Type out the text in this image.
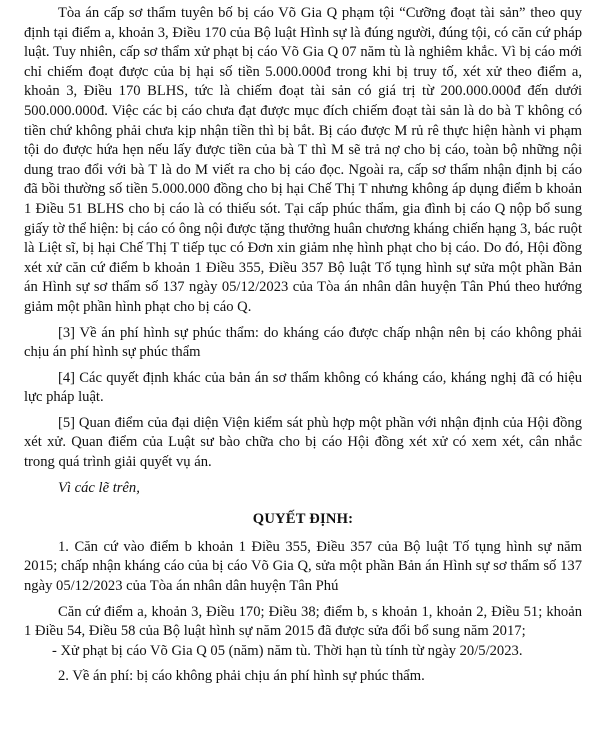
Tòa án cấp sơ thẩm tuyên bố bị cáo Võ Gia Q phạm tội “Cưỡng đoạt tài sản” theo quy định tại điểm a, khoản 3, Điều 170 của Bộ luật Hình sự là đúng người, đúng tội, có căn cứ pháp luật. Tuy nhiên, cấp sơ thẩm xử phạt bị cáo Võ Gia Q 07 năm tù là nghiêm khắc. Vì bị cáo mới chỉ chiếm đoạt được của bị hại số tiền 5.000.000đ trong khi bị truy tố, xét xử theo điểm a, khoản 3, Điều 170 BLHS, tức là chiếm đoạt tài sản có giá trị từ 200.000.000đ đến dưới 500.000.000đ. Việc các bị cáo chưa đạt được mục đích chiếm đoạt tài sản là do bà T không có tiền chứ không phải chưa kịp nhận tiền thì bị bắt. Bị cáo được M rủ rê thực hiện hành vi phạm tội do được hứa hẹn nếu lấy được tiền của bà T thì M sẽ trả nợ cho bị cáo, toàn bộ những nội dung trao đổi với bà T là do M viết ra cho bị cáo đọc. Ngoài ra, cấp sơ thẩm nhận định bị cáo đã bồi thường số tiền 5.000.000 đồng cho bị hại Chế Thị T nhưng không áp dụng điểm b khoản 1 Điều 51 BLHS cho bị cáo là có thiếu sót. Tại cấp phúc thẩm, gia đình bị cáo Q nộp bổ sung giấy tờ thể hiện: bị cáo có ông nội được tặng thưởng huân chương kháng chiến hạng 3, bác ruột là Liệt sĩ, bị hại Chế Thị T tiếp tục có Đơn xin giảm nhẹ hình phạt cho bị cáo. Do đó, Hội đồng xét xử căn cứ điểm b khoản 1 Điều 355, Điều 357 Bộ luật Tố tụng hình sự sửa một phần Bản án Hình sự sơ thẩm số 137 ngày 05/12/2023 của Tòa án nhân dân huyện Tân Phú theo hướng giảm một phần hình phạt cho bị cáo Q.

[3] Về án phí hình sự phúc thẩm: do kháng cáo được chấp nhận nên bị cáo không phải chịu án phí hình sự phúc thẩm

[4] Các quyết định khác của bản án sơ thẩm không có kháng cáo, kháng nghị đã có hiệu lực pháp luật.

[5] Quan điểm của đại diện Viện kiểm sát phù hợp một phần với nhận định của Hội đồng xét xử. Quan điểm của Luật sư bào chữa cho bị cáo Hội đồng xét xử có xem xét, cân nhắc trong quá trình giải quyết vụ án.

Vì các lẽ trên,

QUYẾT ĐỊNH:

1. Căn cứ vào điểm b khoản 1 Điều 355, Điều 357 của Bộ luật Tố tụng hình sự năm 2015; chấp nhận kháng cáo của bị cáo Võ Gia Q, sửa một phần Bản án Hình sự sơ thẩm số 137 ngày 05/12/2023 của Tòa án nhân dân huyện Tân Phú

Căn cứ điểm a, khoản 3, Điều 170; Điều 38; điểm b, s khoản 1, khoản 2, Điều 51; khoản 1 Điều 54, Điều 58 của Bộ luật hình sự năm 2015 đã được sửa đổi bổ sung năm 2017;

- Xử phạt bị cáo Võ Gia Q 05 (năm) năm tù. Thời hạn tù tính từ ngày 20/5/2023.

2. Về án phí: bị cáo không phải chịu án phí hình sự phúc thẩm.
